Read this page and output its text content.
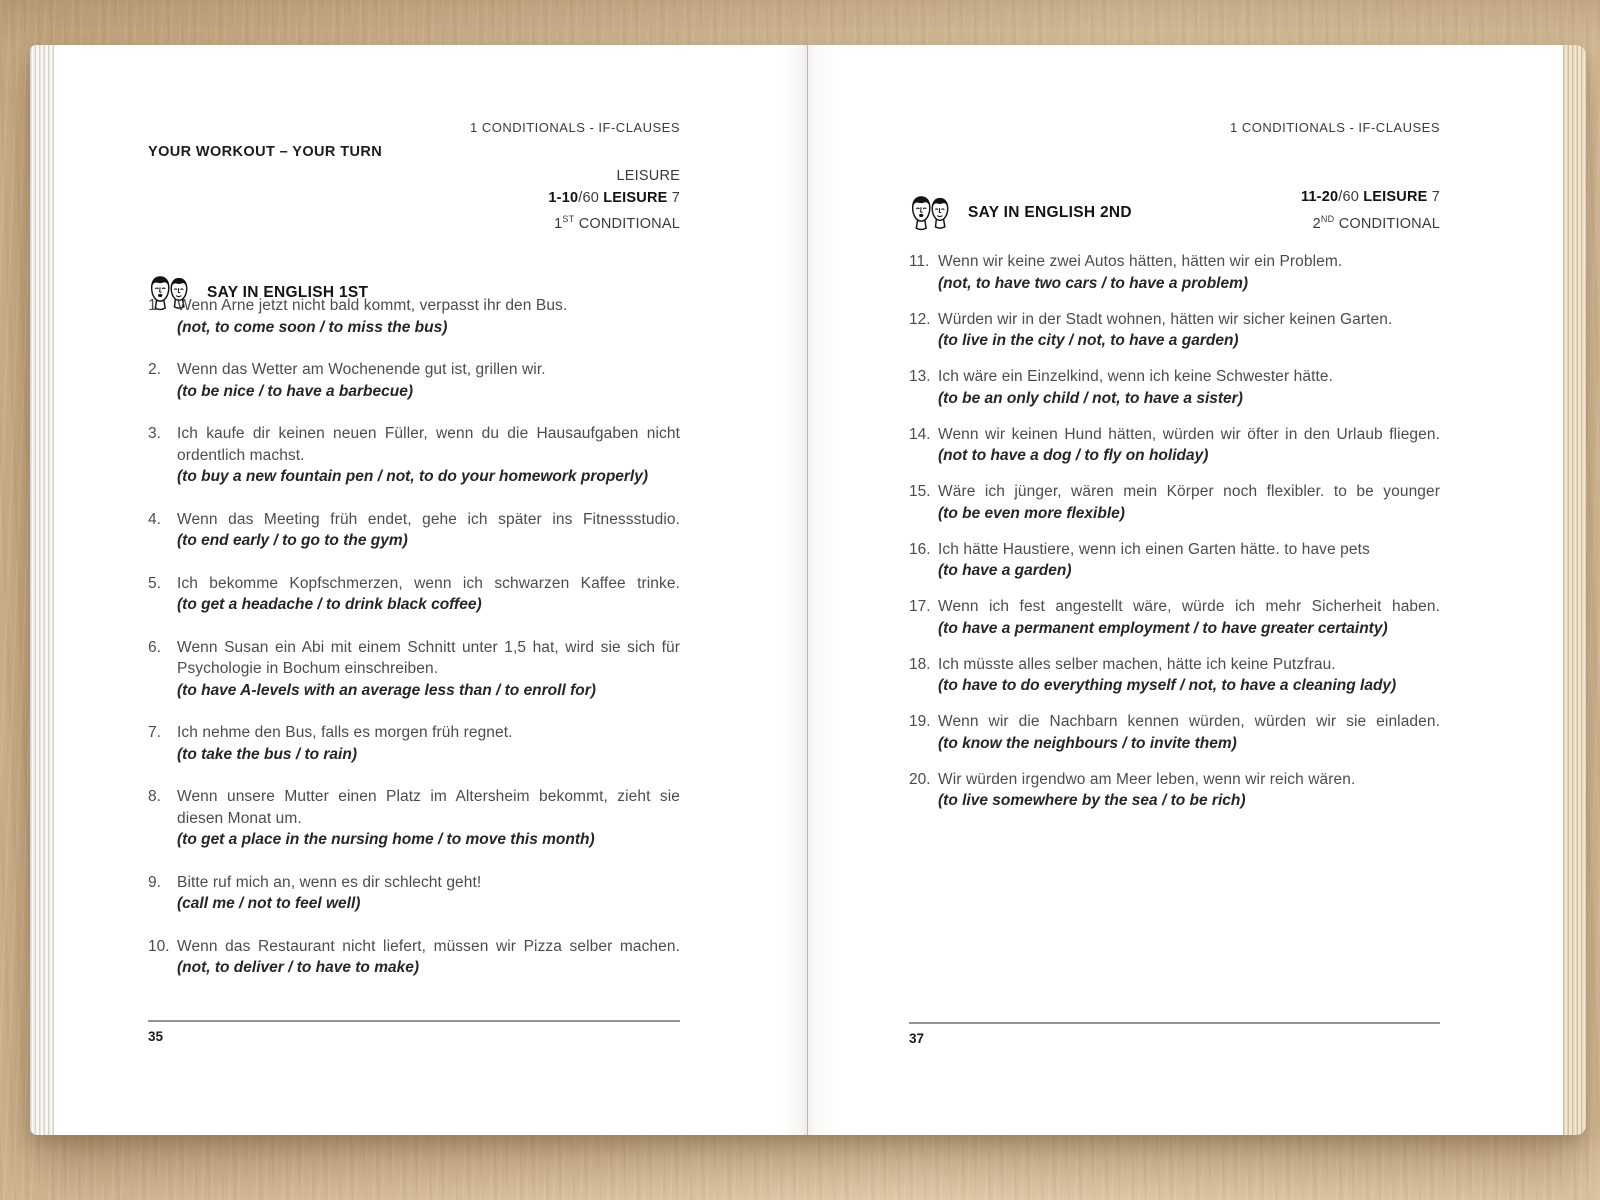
1 CONDITIONALS - IF-CLAUSES
YOUR WORKOUT – YOUR TURN
LEISURE
1-10/60 LEISURE 7
1ST CONDITIONAL
SAY IN ENGLISH 1ST
1.	Wenn Arne jetzt nicht bald kommt, verpasst ihr den Bus.

(not, to come soon / to miss the bus)

2.	Wenn das Wetter am Wochenende gut ist, grillen wir.

(to be nice / to have a barbecue)

3.	Ich kaufe dir keinen neuen Füller, wenn du die Hausaufgaben nicht ordentlich machst.

(to buy a new fountain pen / not, to do your homework properly)

4.	Wenn das Meeting früh endet, gehe ich später ins Fitnessstudio.

(to end early / to go to the gym)

5.	Ich bekomme Kopfschmerzen, wenn ich schwarzen Kaffee trinke.

(to get a headache / to drink black coffee)

6.	Wenn Susan ein Abi mit einem Schnitt unter 1,5 hat, wird sie sich für Psychologie in Bochum einschreiben.

(to have A-levels with an average less than / to enroll for)

7.	Ich nehme den Bus, falls es morgen früh regnet.

(to take the bus / to rain)

8.	Wenn unsere Mutter einen Platz im Altersheim bekommt, zieht sie diesen Monat um.

(to get a place in the nursing home / to move this month)

9.	Bitte ruf mich an, wenn es dir schlecht geht!

(call me / not to feel well)

10. Wenn das Restaurant nicht liefert, müssen wir Pizza selber machen.

(not, to deliver / to have to make)

35
1 CONDITIONALS - IF-CLAUSES
SAY IN ENGLISH 2ND
11-20/60 LEISURE 7
2ND CONDITIONAL
11. Wenn wir keine zwei Autos hätten, hätten wir ein Problem.

(not, to have two cars / to have a problem)

12. Würden wir in der Stadt wohnen, hätten wir sicher keinen Garten.

(to live in the city / not, to have a garden)

13. Ich wäre ein Einzelkind, wenn ich keine Schwester hätte.

(to be an only child / not, to have a sister)

14. Wenn wir keinen Hund hätten, würden wir öfter in den Urlaub fliegen.

(not to have a dog / to fly on holiday)

15. Wäre ich jünger, wären mein Körper noch flexibler. to be younger

(to be even more flexible)

16. Ich hätte Haustiere, wenn ich einen Garten hätte. to have pets

(to have a garden)

17. Wenn ich fest angestellt wäre, würde ich mehr Sicherheit haben.

(to have a permanent employment / to have greater certainty)

18. Ich müsste alles selber machen, hätte ich keine Putzfrau.

(to have to do everything myself / not, to have a cleaning lady)

19. Wenn wir die Nachbarn kennen würden, würden wir sie einladen.

(to know the neighbours / to invite them)

20. Wir würden irgendwo am Meer leben, wenn wir reich wären.

(to live somewhere by the sea / to be rich)

37
